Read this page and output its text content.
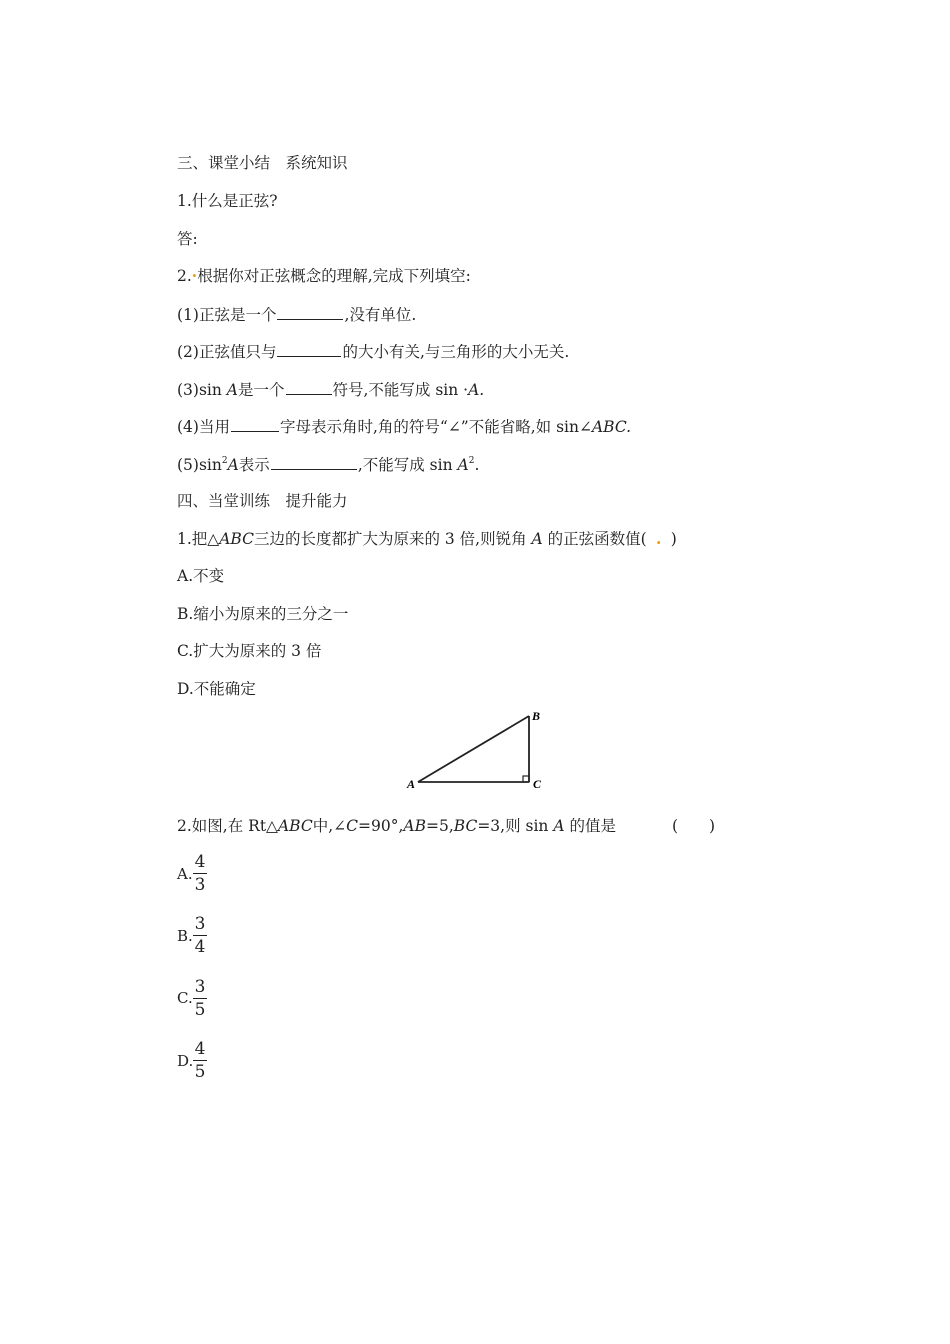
三、课堂小结　系统知识
1.什么是正弦?
答:
2.·根据你对正弦概念的理解,完成下列填空:
(1)正弦是一个	,没有单位.
(2)正弦值只与	的大小有关,与三角形的大小无关.
(3)sin A是一个	符号,不能写成 sin ·A.
(4)当用	字母表示角时,角的符号“∠”不能省略,如 sin∠ABC.
$(5)\sin^2A$表示	,不能写成 $\sin A^2$.
四、当堂训练　提升能力
1.把△ABC三边的长度都扩大为原来的 3 倍,则锐角 A 的正弦函数值( . )
A.不变
B.缩小为原来的三分之一
C.扩大为原来的 3 倍
D.不能确定
A
B
C
2.如图,在 Rt△ABC中,∠C=90°,AB=5,BC=3,则 sin A 的值是	(　　)
A. $\frac{4}{3}$
B. $\frac{3}{4}$
C. $\frac{3}{5}$
D. $\frac{4}{5}$
